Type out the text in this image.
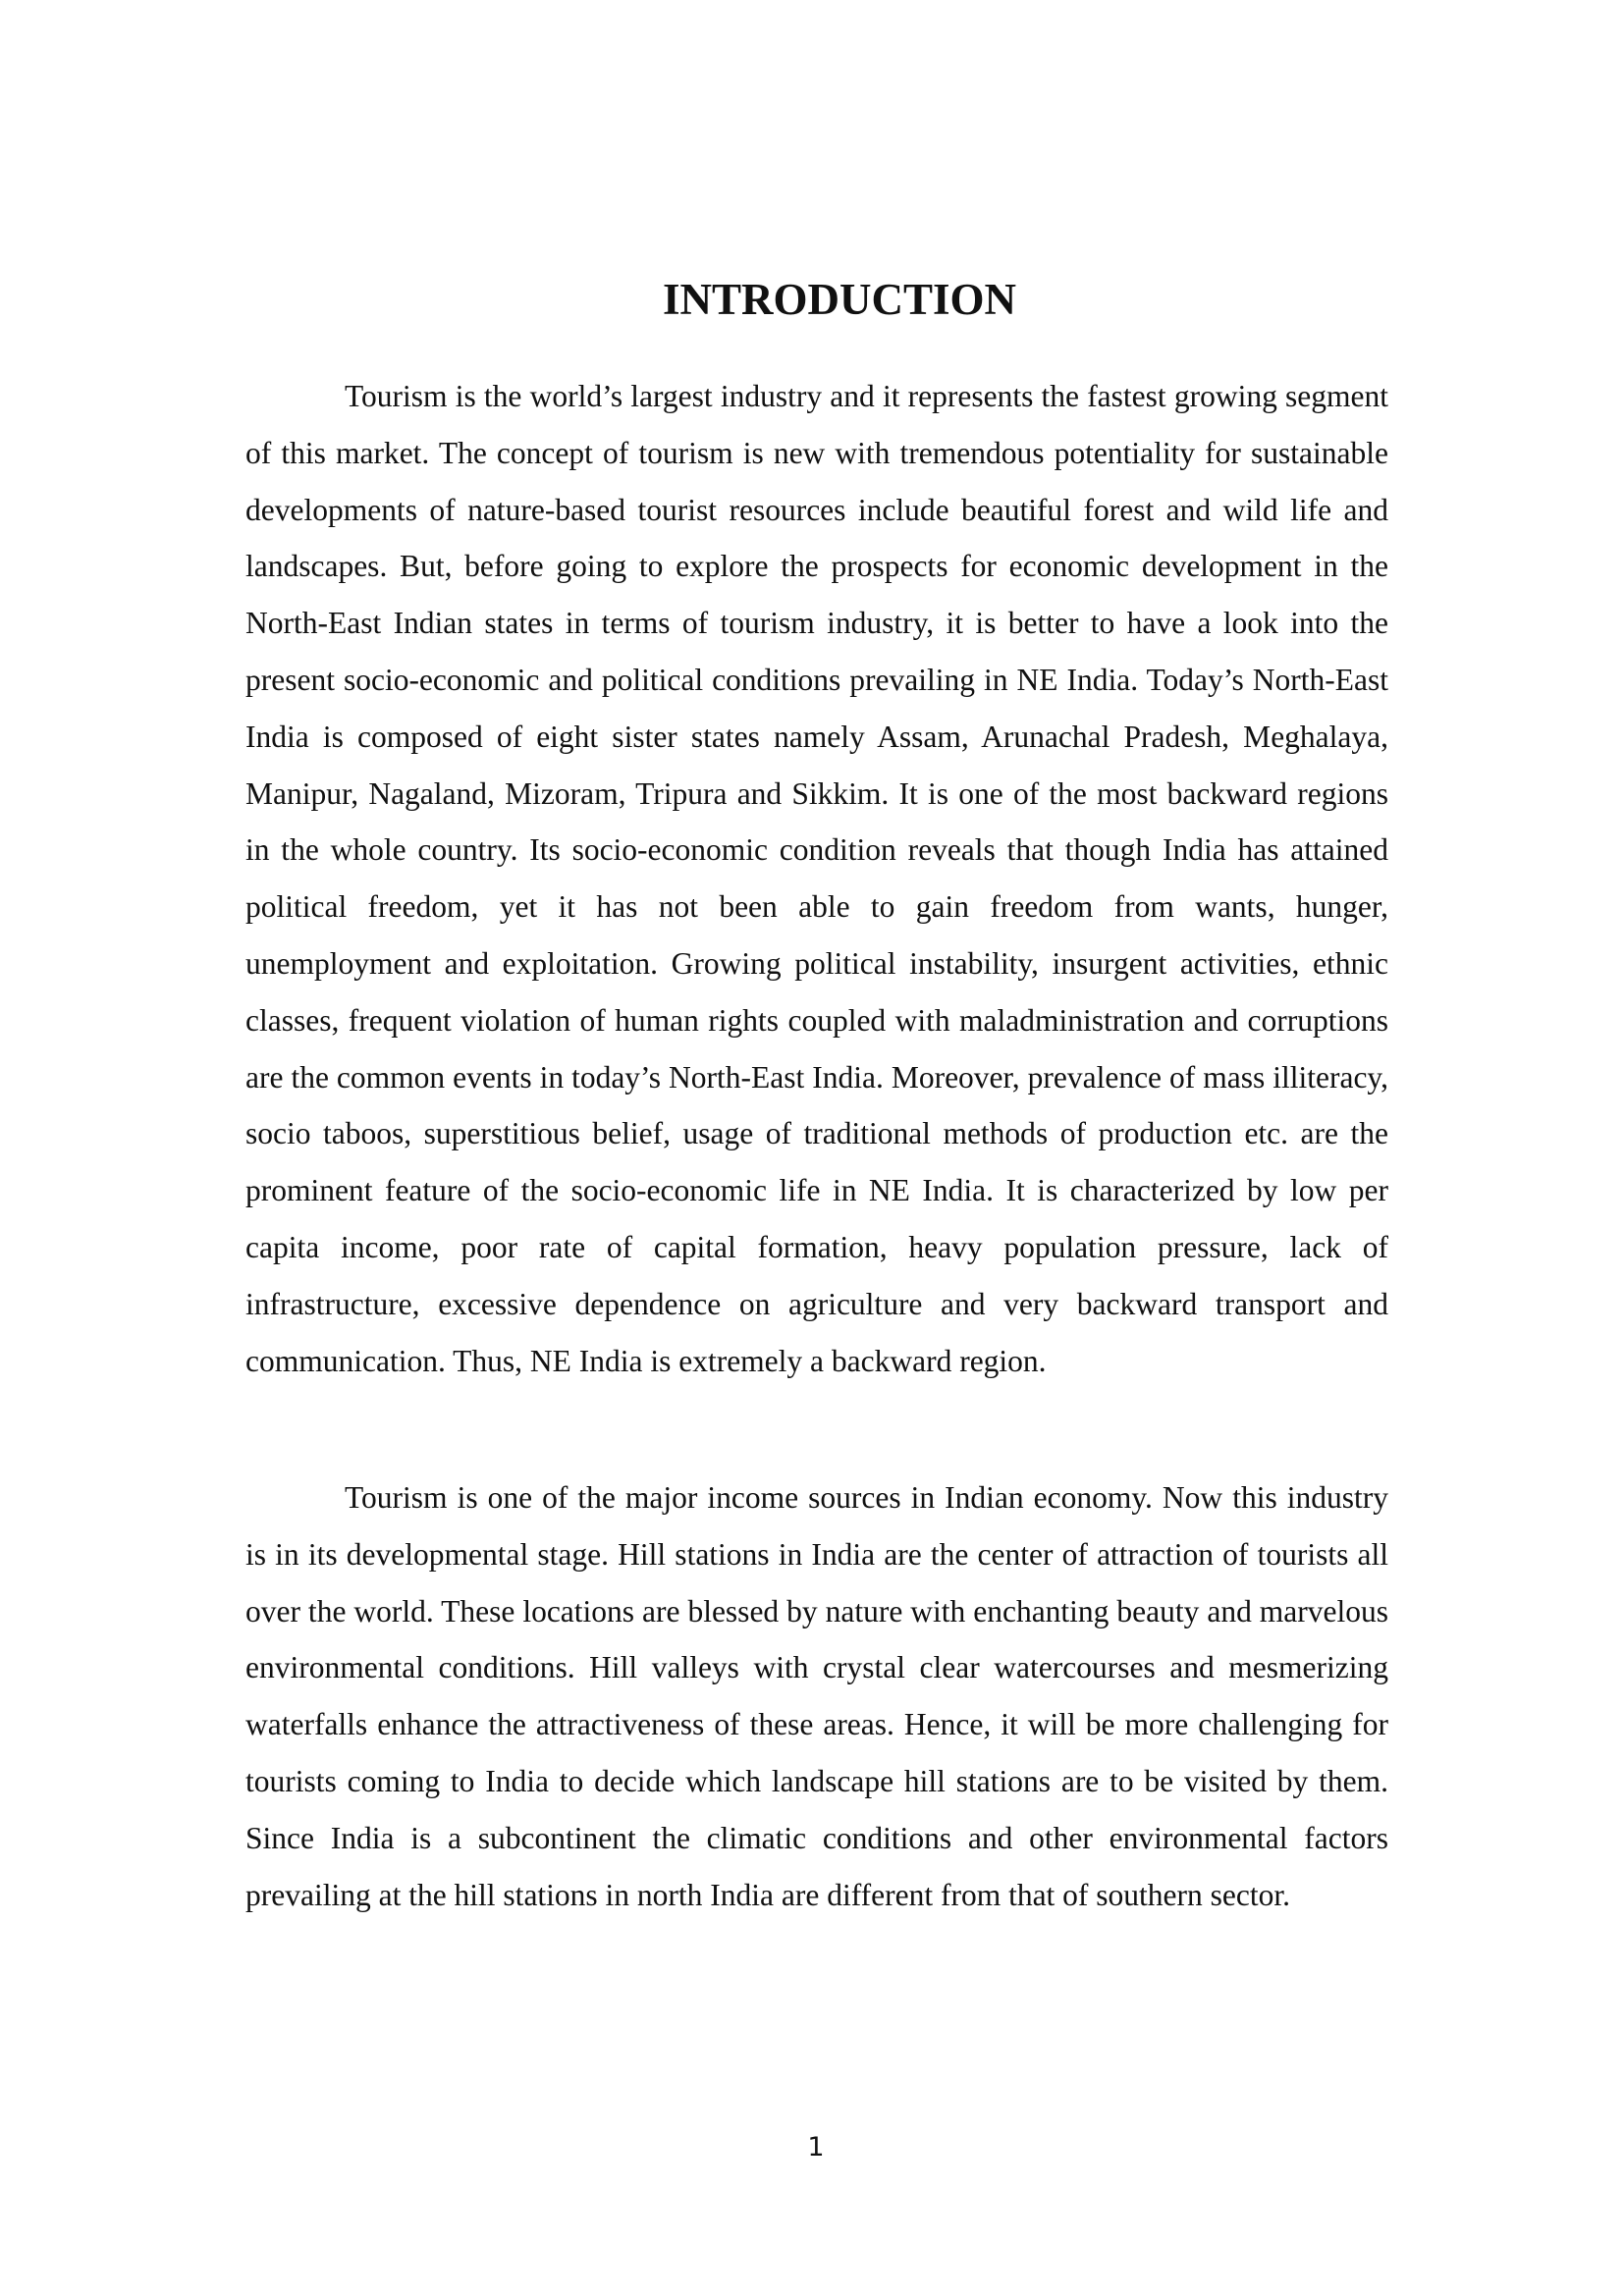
INTRODUCTION

Tourism is the world’s largest industry and it represents the fastest growing segment of this market. The concept of tourism is new with tremendous potentiality for sustainable developments of nature-based tourist resources include beautiful forest and wild life and landscapes. But, before going to explore the prospects for economic development in the North-East Indian states in terms of tourism industry, it is better to have a look into the present socio-economic and political conditions prevailing in NE India. Today’s North-East India is composed of eight sister states namely Assam, Arunachal Pradesh, Meghalaya, Manipur, Nagaland, Mizoram, Tripura and Sikkim. It is one of the most backward regions in the whole country. Its socio-economic condition reveals that though India has attained political freedom, yet it has not been able to gain freedom from wants, hunger, unemployment and exploitation. Growing political instability, insurgent activities, ethnic classes, frequent violation of human rights coupled with maladministration and corruptions are the common events in today’s North-East India. Moreover, prevalence of mass illiteracy, socio taboos, superstitious belief, usage of traditional methods of production etc. are the prominent feature of the socio-economic life in NE India. It is characterized by low per capita income, poor rate of capital formation, heavy population pressure, lack of infrastructure, excessive dependence on agriculture and very backward transport and communication. Thus, NE India is extremely a backward region.

Tourism is one of the major income sources in Indian economy. Now this industry is in its developmental stage. Hill stations in India are the center of attraction of tourists all over the world. These locations are blessed by nature with enchanting beauty and marvelous environmental conditions. Hill valleys with crystal clear watercourses and mesmerizing waterfalls enhance the attractiveness of these areas. Hence, it will be more challenging for tourists coming to India to decide which landscape hill stations are to be visited by them. Since India is a subcontinent the climatic conditions and other environmental factors prevailing at the hill stations in north India are different from that of southern sector.

1
